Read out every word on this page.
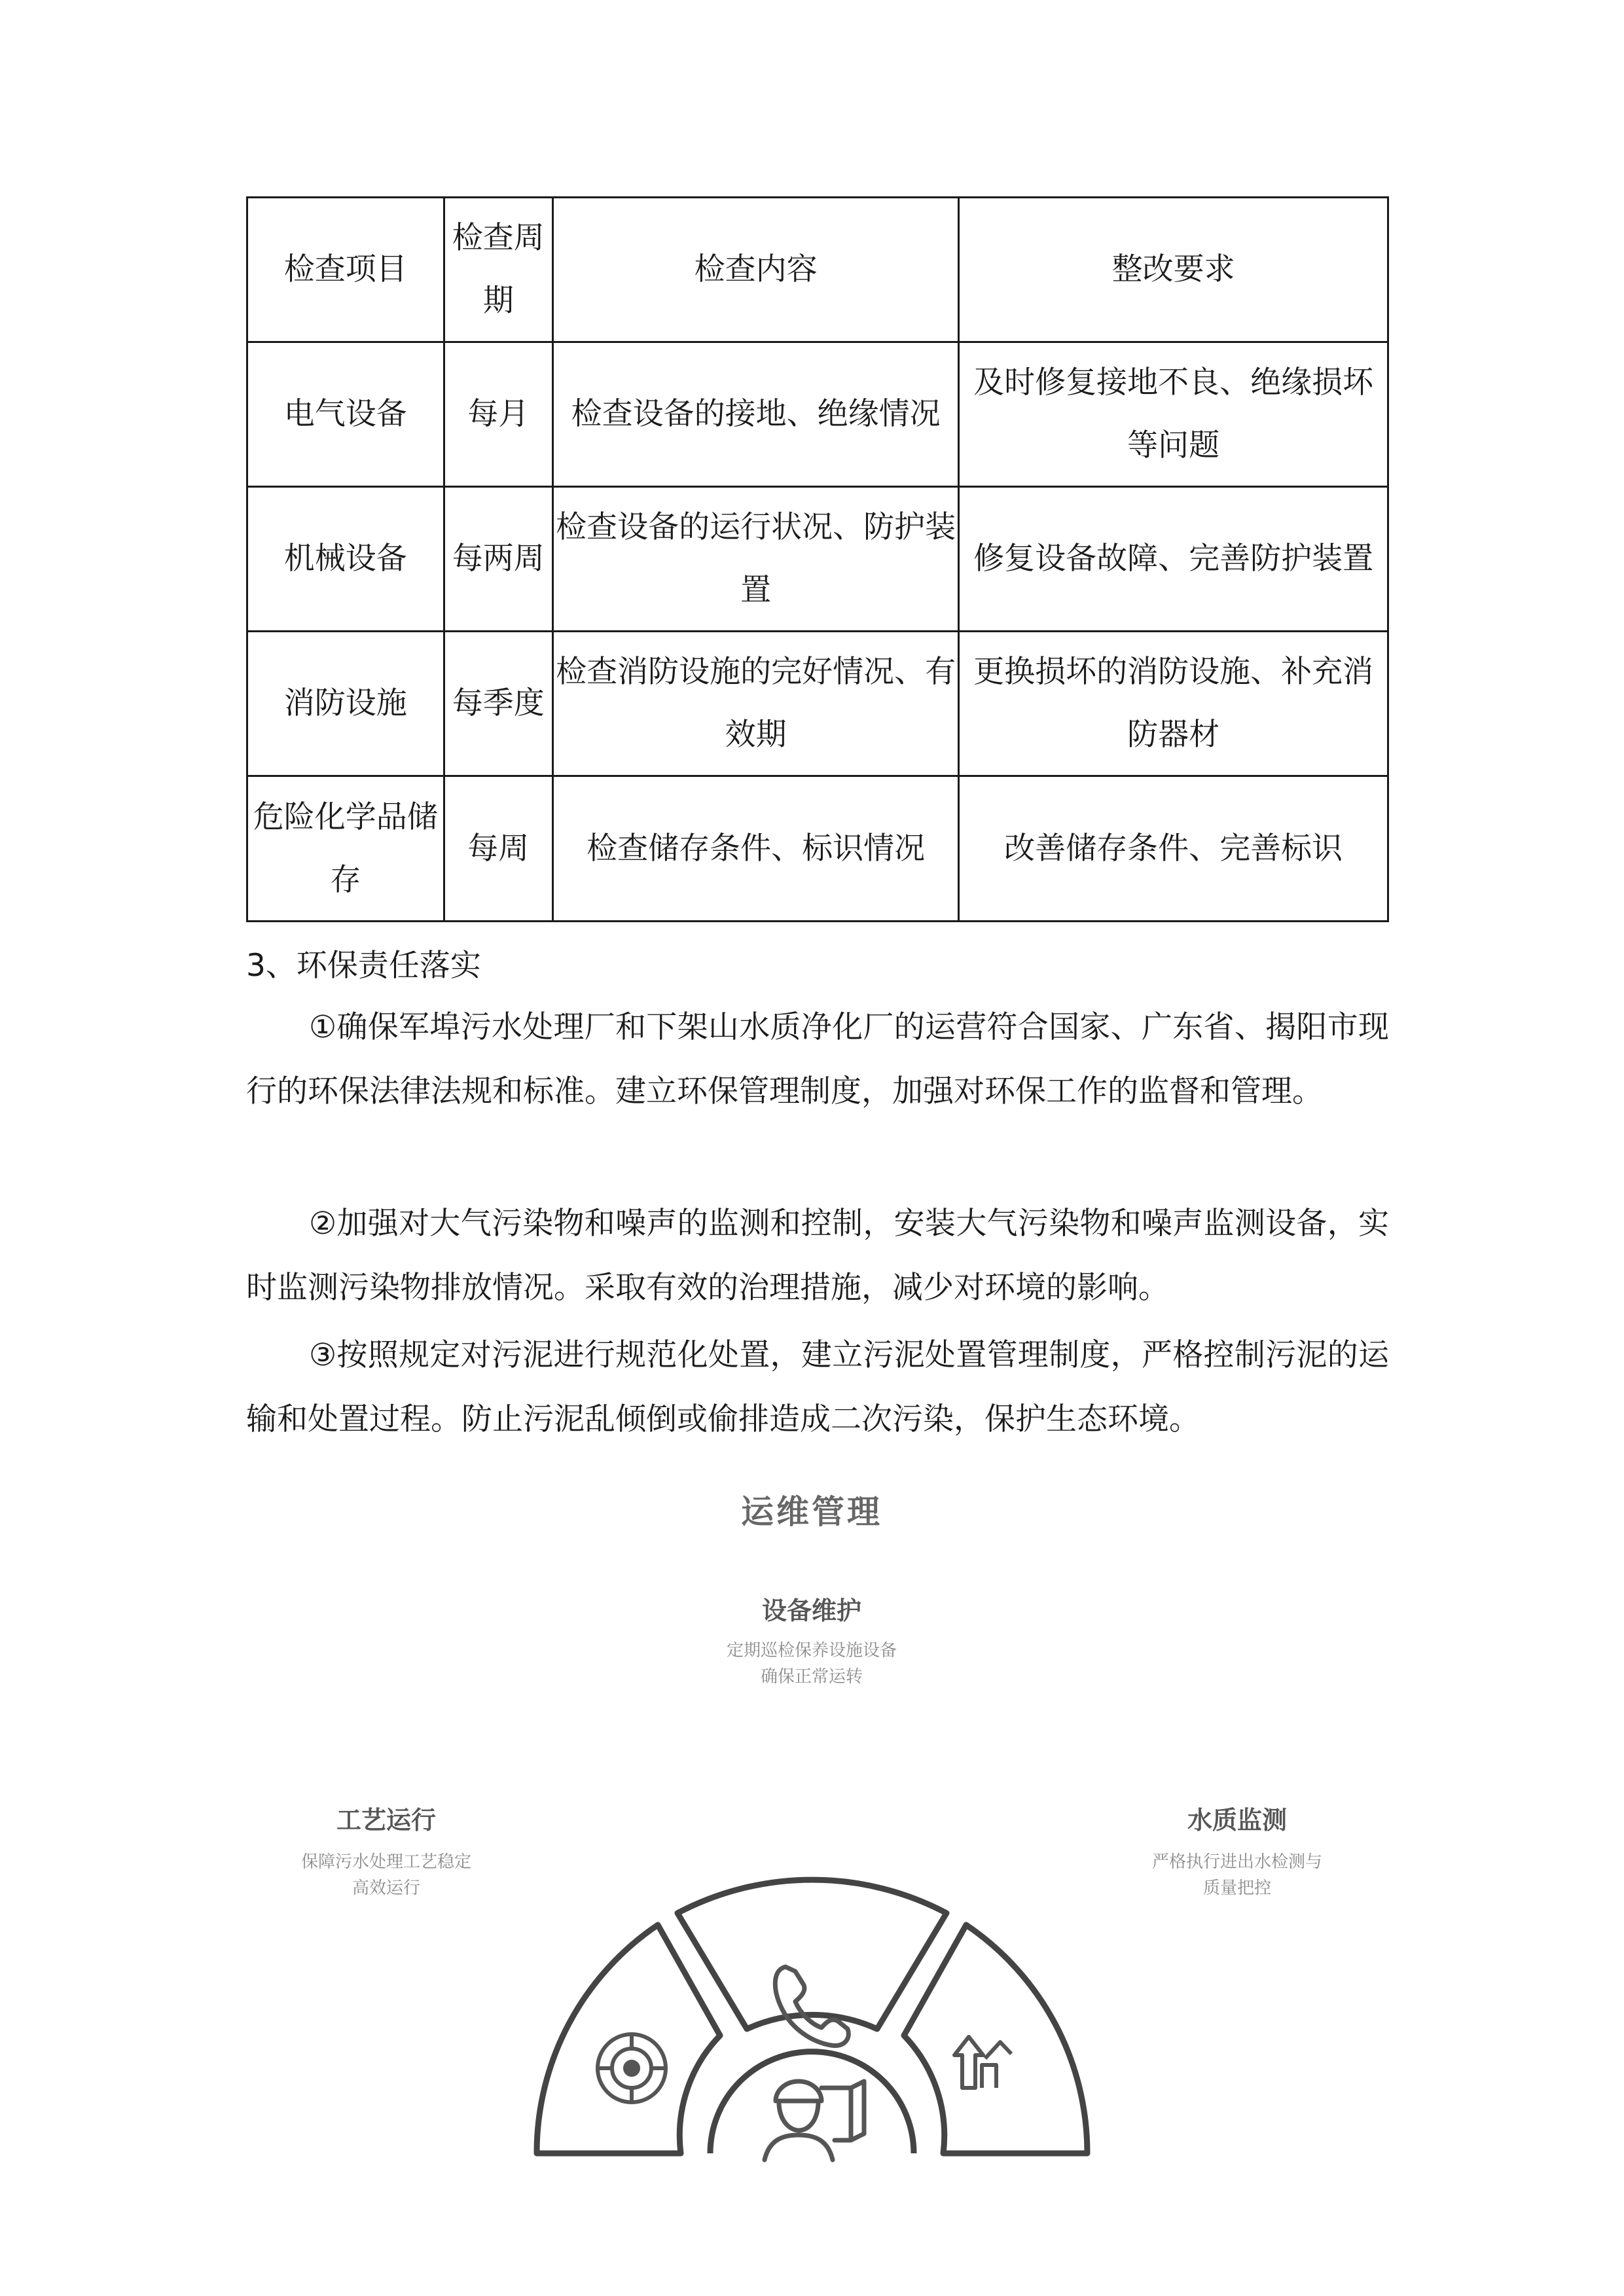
检查项目	检查周期	检查内容	整改要求
电气设备	每月	检查设备的接地、绝缘情况	及时修复接地不良、绝缘损坏等问题
机械设备	每两周	检查设备的运行状况、防护装置	修复设备故障、完善防护装置
消防设施	每季度	检查消防设施的完好情况、有效期	更换损坏的消防设施、补充消防器材
危险化学品储存	每周	检查储存条件、标识情况	改善储存条件、完善标识
3、环保责任落实

①确保军埠污水处理厂和下架山水质净化厂的运营符合国家、广东省、揭阳市现行的环保法律法规和标准。建立环保管理制度，加强对环保工作的监督和管理。

②加强对大气污染物和噪声的监测和控制，安装大气污染物和噪声监测设备，实时监测污染物排放情况。采取有效的治理措施，减少对环境的影响。

③按照规定对污泥进行规范化处置，建立污泥处置管理制度，严格控制污泥的运输和处置过程。防止污泥乱倾倒或偷排造成二次污染，保护生态环境。

运维管理
设备维护
定期巡检保养设施设备
确保正常运转
工艺运行
保障污水处理工艺稳定
高效运行
水质监测
严格执行进出水检测与
质量把控
